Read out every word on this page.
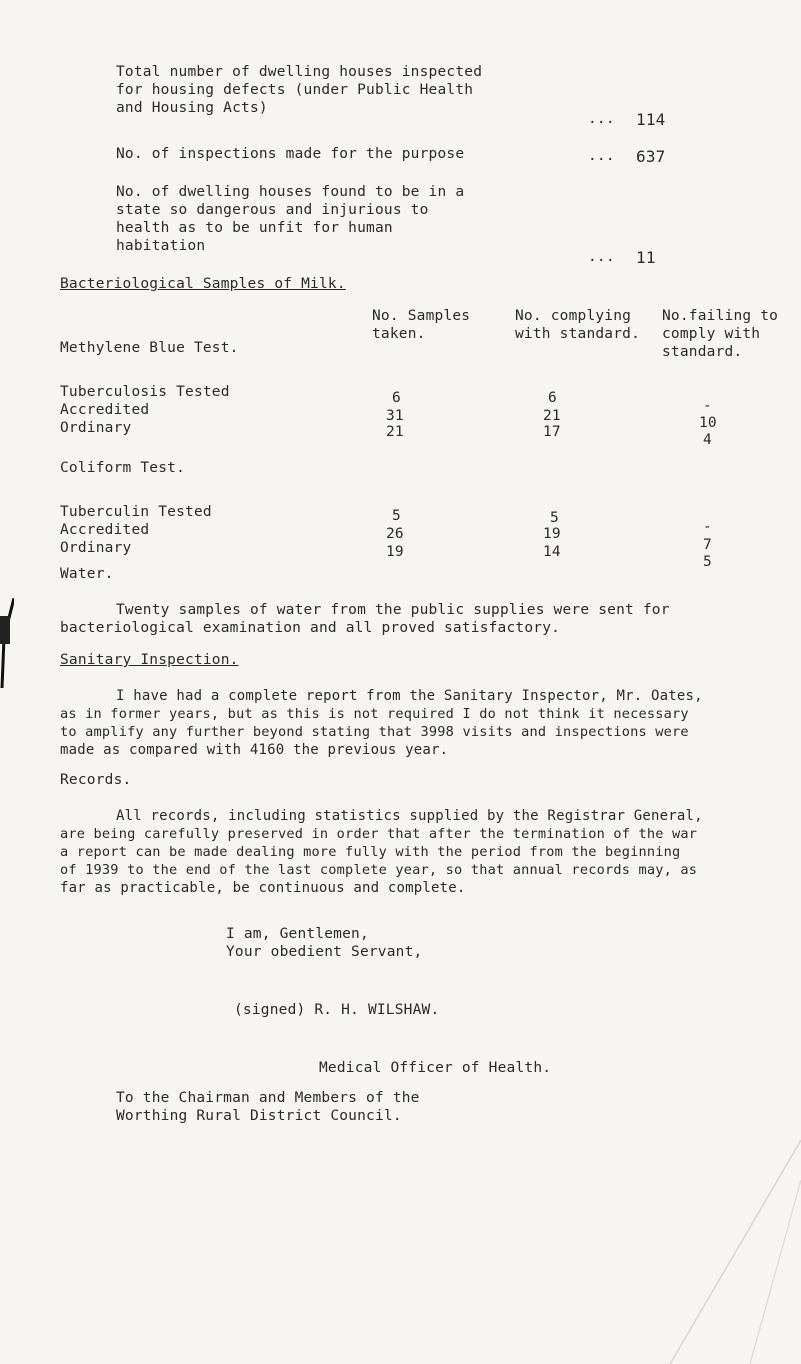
Total number of dwelling houses inspected
for housing defects (under Public Health
and Housing Acts)
... 114
No. of inspections made for the purpose	... 637
No. of dwelling houses found to be in a
state so dangerous and injurious to
health as to be unfit for human
habitation
... 11
Bacteriological Samples of Milk.
No. Samples
taken.
No. complying
with standard.
No.failing to
comply with
standard.
Methylene Blue Test.
Tuberculosis Tested
Accredited
Ordinary
6
31
21
6
21
17
-
10
4
Coliform Test.
Tuberculin Tested
Accredited
Ordinary
5
26
19
5
19
14
-
7
5
Water.
Twenty samples of water from the public supplies were sent for
bacteriological examination and all proved satisfactory.
Sanitary Inspection.
I have had a complete report from the Sanitary Inspector, Mr. Oates,
as in former years, but as this is not required I do not think it necessary
to amplify any further beyond stating that 3998 visits and inspections were
made as compared with 4160 the previous year.
Records.
All records, including statistics supplied by the Registrar General,
are being carefully preserved in order that after the termination of the war
a report can be made dealing more fully with the period from the beginning
of 1939 to the end of the last complete year, so that annual records may, as
far as practicable, be continuous and complete.
I am, Gentlemen,
Your obedient Servant,
(signed) R. H. WILSHAW.
Medical Officer of Health.
To the Chairman and Members of the
Worthing Rural District Council.
